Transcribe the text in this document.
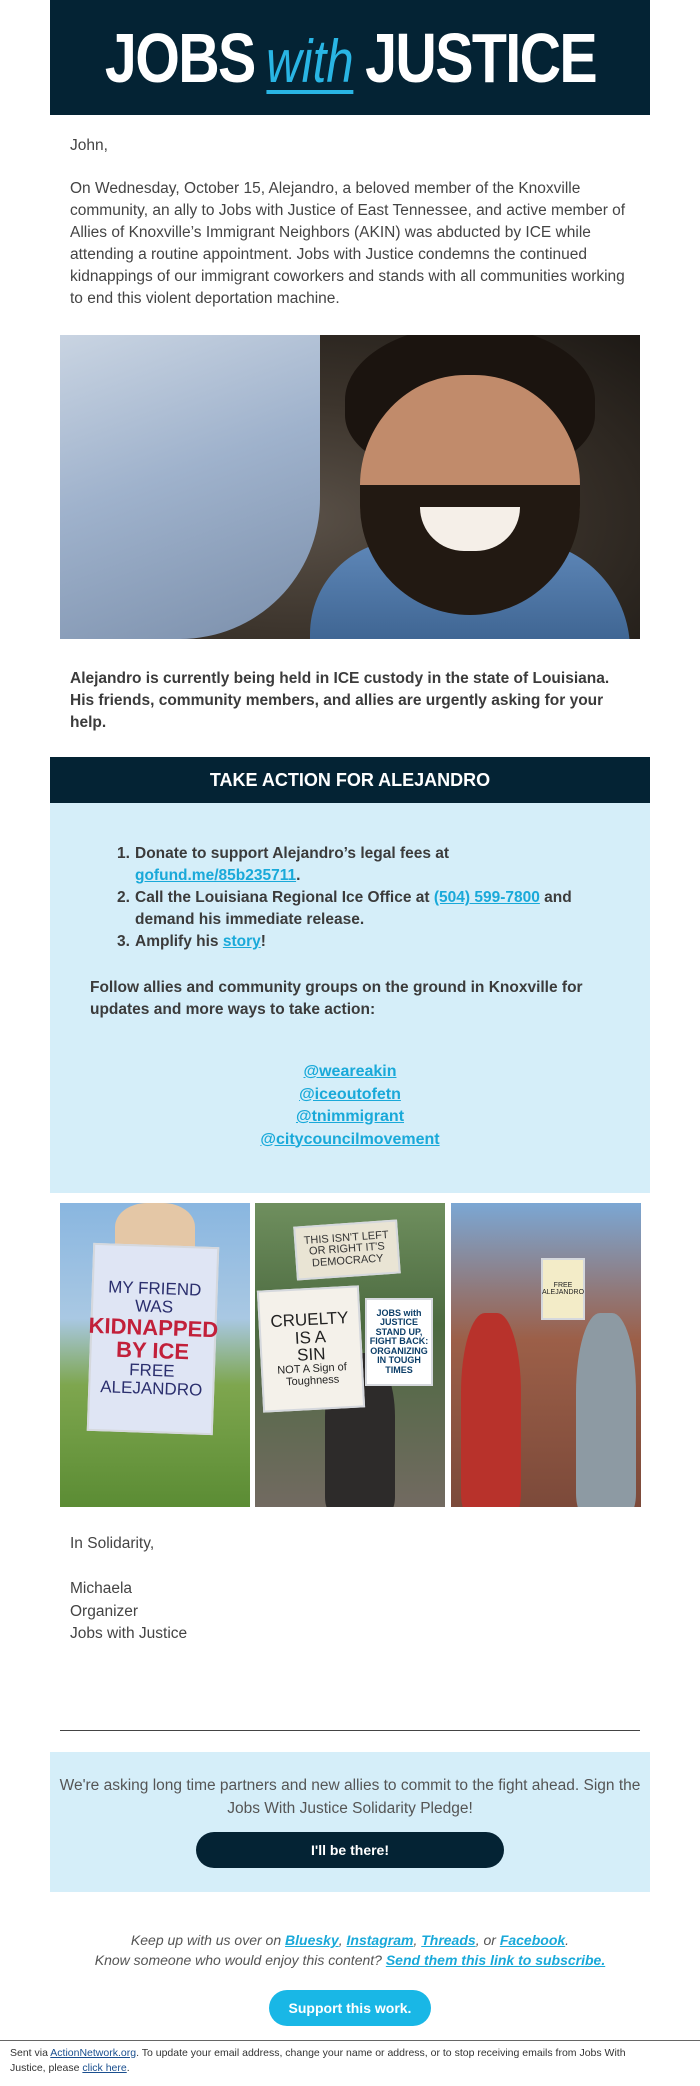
JOBS with JUSTICE
John,
On Wednesday, October 15, Alejandro, a beloved member of the Knoxville community, an ally to Jobs with Justice of East Tennessee, and active member of Allies of Knoxville’s Immigrant Neighbors (AKIN) was abducted by ICE while attending a routine appointment. Jobs with Justice condemns the continued kidnappings of our immigrant coworkers and stands with all communities working to end this violent deportation machine.
Alejandro is currently being held in ICE custody in the state of Louisiana. His friends, community members, and allies are urgently asking for your help.
TAKE ACTION FOR ALEJANDRO
1. Donate to support Alejandro’s legal fees at gofund.me/85b235711.
2. Call the Louisiana Regional Ice Office at (504) 599-7800 and demand his immediate release.
3. Amplify his story!
Follow allies and community groups on the ground in Knoxville for updates and more ways to take action:
@weareakin
@iceoutofetn
@tnimmigrant
@citycouncilmovement
MY FRIEND
WAS
KIDNAPPED
BY ICE
FREE
ALEJANDRO
THIS ISN'T LEFT OR RIGHT IT'S DEMOCRACY
CRUELTY
IS A
SIN
NOT A Sign of Toughness
JOBS with JUSTICE STAND UP, FIGHT BACK: ORGANIZING IN TOUGH TIMES
FREE ALEJANDRO
In Solidarity,
Michaela
Organizer
Jobs with Justice

We're asking long time partners and new allies to commit to the fight ahead. Sign the Jobs With Justice Solidarity Pledge!

I'll be there!
Keep up with us over on Bluesky, Instagram, Threads, or Facebook.
Know someone who would enjoy this content? Send them this link to subscribe.
Support this work.
Sent via ActionNetwork.org. To update your email address, change your name or address, or to stop receiving emails from Jobs With Justice, please click here.
